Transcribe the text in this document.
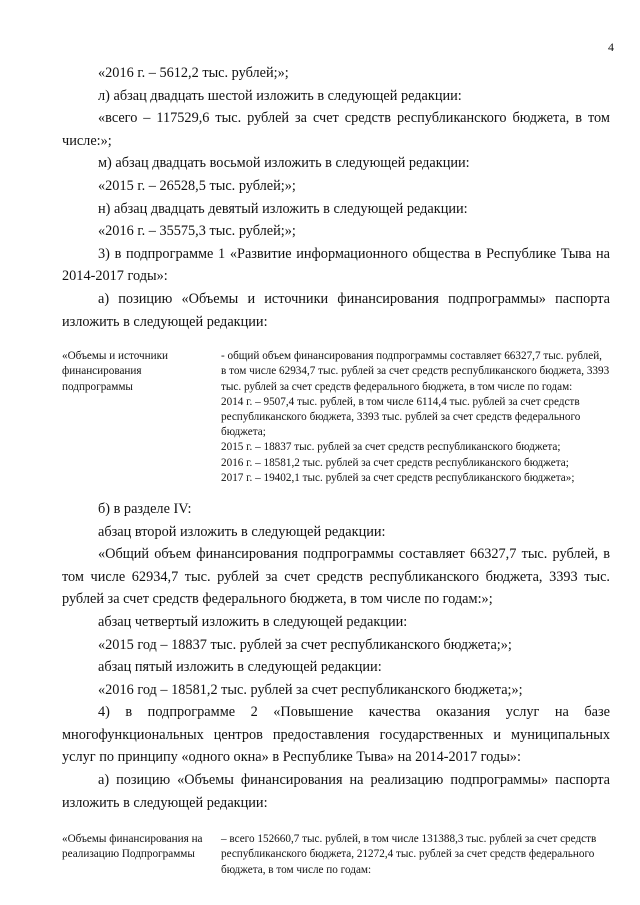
4

«2016 г. – 5612,2 тыс. рублей;»;

л) абзац двадцать шестой изложить в следующей редакции:

«всего – 117529,6 тыс. рублей за счет средств республиканского бюджета, в том числе:»;

м) абзац двадцать восьмой изложить в следующей редакции:

«2015 г. – 26528,5 тыс. рублей;»;

н) абзац двадцать девятый изложить в следующей редакции:

«2016 г. – 35575,3 тыс. рублей;»;

3) в подпрограмме 1 «Развитие информационного общества в Республике Тыва на 2014-2017 годы»:

а) позицию «Объемы и источники финансирования подпрограммы» паспорта изложить в следующей редакции:

«Объемы и источники финансирования подпрограммы
- общий объем финансирования подпрограммы составляет 66327,7 тыс. рублей, в том числе 62934,7 тыс. рублей за счет средств республиканского бюджета, 3393 тыс. рублей за счет средств федерального бюджета, в том числе по годам:
2014 г. – 9507,4 тыс. рублей, в том числе 6114,4 тыс. рублей за счет средств республиканского бюджета, 3393 тыс. рублей за счет средств федерального бюджета;
2015 г. – 18837 тыс. рублей за счет средств республиканского бюджета;
2016 г. – 18581,2 тыс. рублей за счет средств республиканского бюджета;
2017 г. – 19402,1 тыс. рублей за счет средств республиканского бюджета»;

б) в разделе IV:

абзац второй изложить в следующей редакции:

«Общий объем финансирования подпрограммы составляет 66327,7 тыс. рублей, в том числе 62934,7 тыс. рублей за счет средств республиканского бюджета, 3393 тыс. рублей за счет средств федерального бюджета, в том числе по годам:»;

абзац четвертый изложить в следующей редакции:

«2015 год – 18837 тыс. рублей за счет республиканского бюджета;»;

абзац пятый изложить в следующей редакции:

«2016 год – 18581,2 тыс. рублей за счет республиканского бюджета;»;

4) в подпрограмме 2 «Повышение качества оказания услуг на базе многофункциональных центров предоставления государственных и муниципальных услуг по принципу «одного окна» в Республике Тыва» на 2014-2017 годы»:

а) позицию «Объемы финансирования на реализацию подпрограммы» паспорта изложить в следующей редакции:

«Объемы финансирования на реализацию Подпрограммы
– всего 152660,7 тыс. рублей, в том числе 131388,3 тыс. рублей за счет средств республиканского бюджета, 21272,4 тыс. рублей за счет средств федерального бюджета, в том числе по годам:
